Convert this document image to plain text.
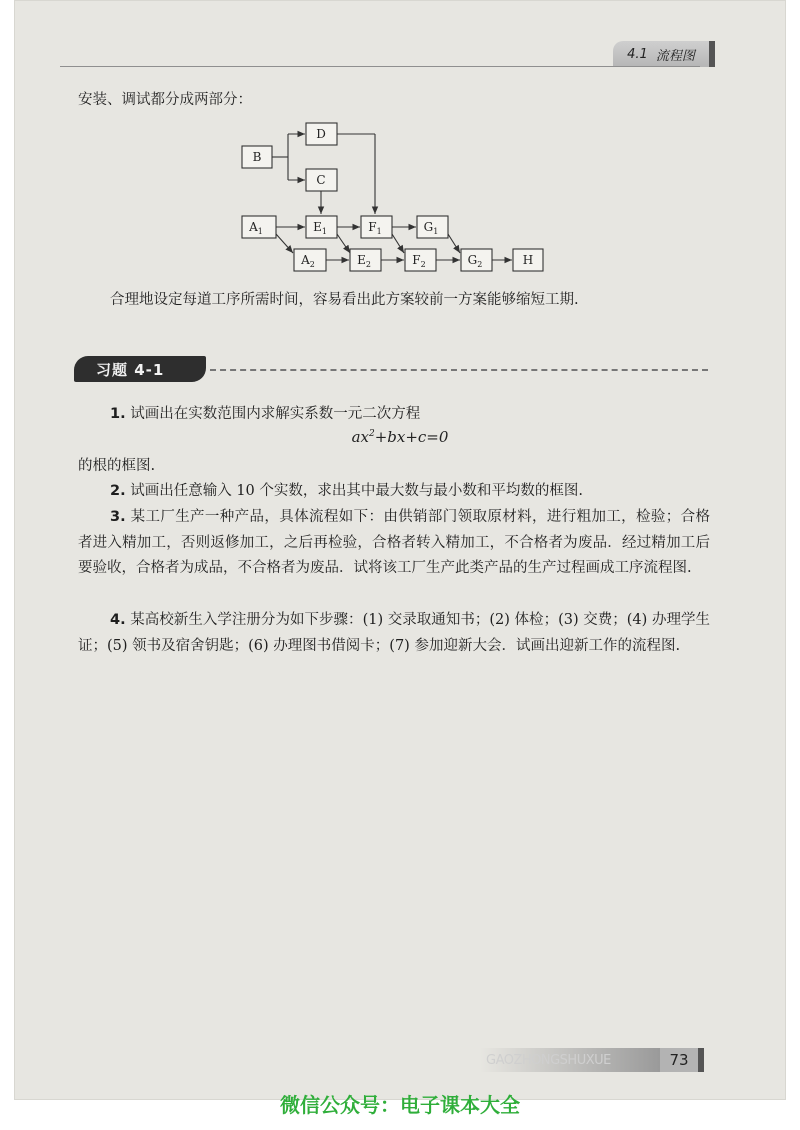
4.1 流程图
安装、调试都分成两部分：
B
D
C
$A_1$	$E_1$	$F_1$	$G_1$
$A_2$	$E_2$	$F_2$	$G_2$	H
合理地设定每道工序所需时间，容易看出此方案较前一方案能够缩短工期.
习题 4-1
1. 试画出在实数范围内求解实系数一元二次方程
$ax^2+bx+c=0$
的根的框图.
2. 试画出任意输入 10 个实数，求出其中最大数与最小数和平均数的框图.
3. 某工厂生产一种产品，具体流程如下：由供销部门领取原材料，进行粗加工，检验；合格者进入精加工，否则返修加工，之后再检验，合格者转入精加工，不合格者为废品．经过精加工后要验收，合格者为成品，不合格者为废品．试将该工厂生产此类产品的生产过程画成工序流程图.
4. 某高校新生入学注册分为如下步骤：(1) 交录取通知书；(2) 体检；(3) 交费；(4) 办理学生证；(5) 领书及宿舍钥匙；(6) 办理图书借阅卡；(7) 参加迎新大会．试画出迎新工作的流程图.
GAOZHONGSHUXUE	73
微信公众号：电子课本大全
